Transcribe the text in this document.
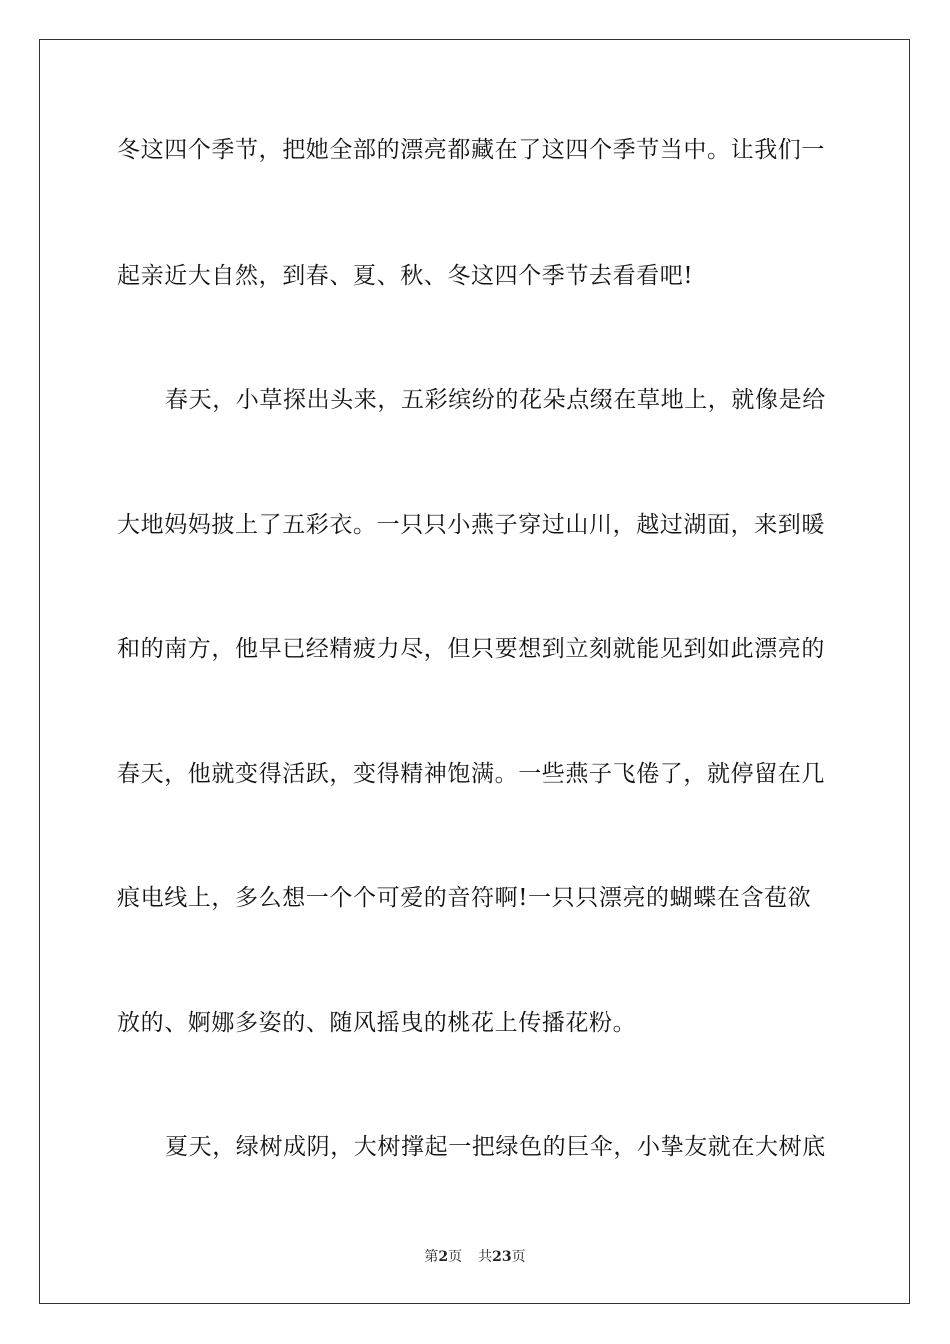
冬这四个季节，把她全部的漂亮都藏在了这四个季节当中。让我们一
起亲近大自然，到春、夏、秋、冬这四个季节去看看吧!
春天，小草探出头来，五彩缤纷的花朵点缀在草地上，就像是给
大地妈妈披上了五彩衣。一只只小燕子穿过山川，越过湖面，来到暖
和的南方，他早已经精疲力尽，但只要想到立刻就能见到如此漂亮的
春天，他就变得活跃，变得精神饱满。一些燕子飞倦了，就停留在几
痕电线上，多么想一个个可爱的音符啊!一只只漂亮的蝴蝶在含苞欲
放的、婀娜多姿的、随风摇曳的桃花上传播花粉。
夏天，绿树成阴，大树撑起一把绿色的巨伞，小挚友就在大树底
第2页 共23页
